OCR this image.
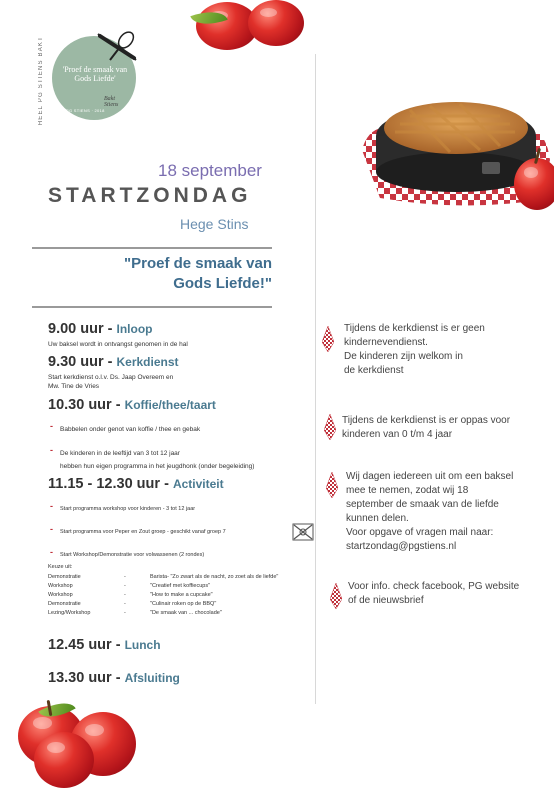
HEEL PG STIENS BAKT	'Proef de smaak van Gods Liefde'
PG STIENS · 2018
Bakt
Stiens
18 september
STARTZONDAG
Hege Stins
"Proef de smaak van
Gods Liefde!"
9.00 uur - Inloop
Uw baksel wordt in ontvangst genomen in de hal
9.30 uur - Kerkdienst
Start kerkdienst o.l.v. Ds. Jaap Overeem en
Mw. Tine de Vries
10.30 uur - Koffie/thee/taart
- Babbelen onder genot van koffie / thee en gebak
- De kinderen in de leeftijd van 3 tot 12 jaar
hebben hun eigen programma in het jeugdhonk (onder begeleiding)
11.15 - 12.30 uur - Activiteit
- Start programma workshop voor kinderen - 3 tot 12 jaar
- Start programma voor Peper en Zout groep - geschikt vanaf groep 7
- Start Workshop/Demonstratie voor volwassenen (2 rondes)
Keuze uit:
Demonstratie	-	Barista- "Zo zwart als de nacht, zo zoet als de liefde"
Workshop	-	"Creatief met koffiecups"
Workshop	-	"How to make a cupcake"
Demonstratie	-	"Culinair roken op de BBQ"
Lezing/Workshop	-	"De smaak van ... chocolade"
12.45 uur - Lunch
13.30 uur - Afsluiting
Tijdens de kerkdienst is er geen
kindernevendienst.
De kinderen zijn welkom in
de kerkdienst
Tijdens de kerkdienst is er oppas voor
kinderen van 0 t/m 4 jaar
Wij dagen iedereen uit om een baksel
mee te nemen, zodat wij 18
september de smaak van de liefde
kunnen delen.
Voor opgave of vragen mail naar:
startzondag@pgstiens.nl
Voor info. check facebook, PG website
of de nieuwsbrief
